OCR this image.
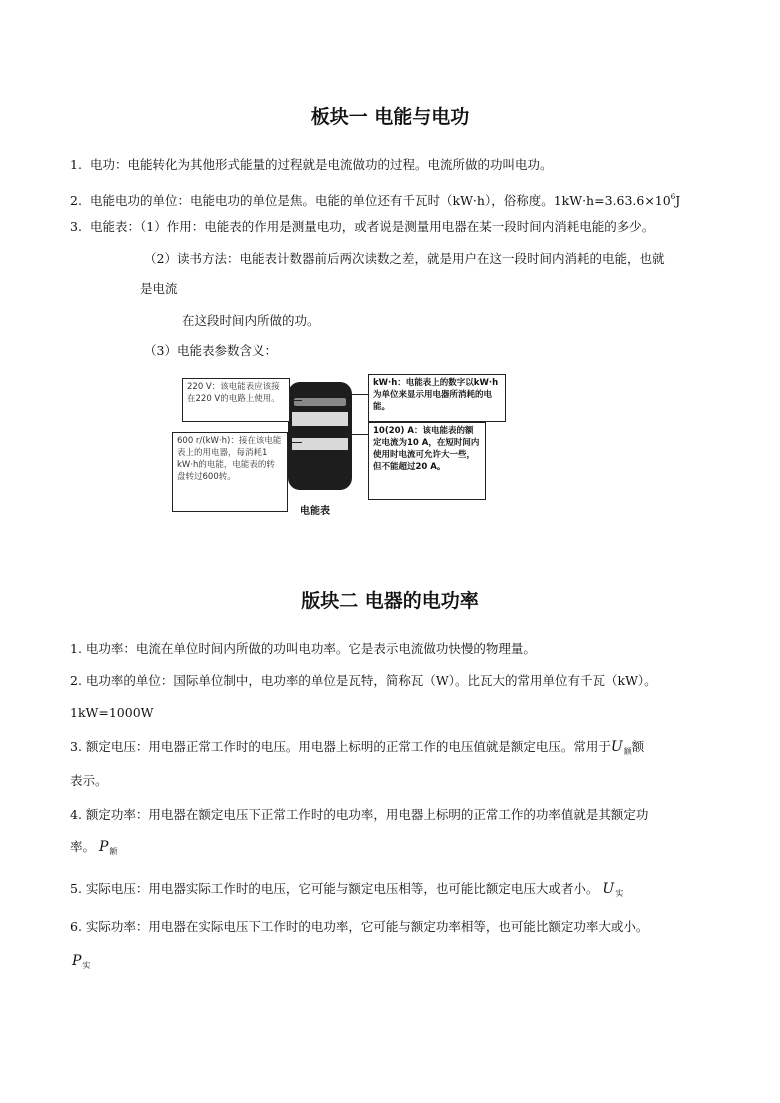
板块一 电能与电功
1. 电功：电能转化为其他形式能量的过程就是电流做功的过程。电流所做的功叫电功。
2. 电能电功的单位：电能电功的单位是焦。电能的单位还有千瓦时（kW·h），俗称度。$1kW\cdot h=3.63.6\times 10^6J$
3. 电能表：（1）作用：电能表的作用是测量电功，或者说是测量用电器在某一段时间内消耗电能的多少。
（2）读书方法：电能表计数器前后两次读数之差，就是用户在这一段时间内消耗的电能，也就
是电流
在这段时间内所做的功。
（3）电能表参数含义：
220 V：该电能表应该接在220 V的电路上使用。
kW·h：电能表上的数字以kW·h为单位来显示用电器所消耗的电能。
600 r/(kW·h)：接在该电能表上的用电器，每消耗1 kW·h的电能，电能表的转盘转过600转。
10(20) A：该电能表的额定电流为10 A，在短时间内使用时电流可允许大一些，但不能超过20 A。
电能表
版块二 电器的电功率
1. 电功率：电流在单位时间内所做的功叫电功率。它是表示电流做功快慢的物理量。
2. 电功率的单位：国际单位制中，电功率的单位是瓦特，简称瓦（W）。比瓦大的常用单位有千瓦（kW）。
1kW=1000W
3. 额定电压：用电器正常工作时的电压。用电器上标明的正常工作的电压值就是额定电压。常用于$U_额$额
表示。
4. 额定功率：用电器在额定电压下正常工作时的电功率，用电器上标明的正常工作的功率值就是其额定功
率。 $P_额$
5. 实际电压：用电器实际工作时的电压，它可能与额定电压相等，也可能比额定电压大或者小。 $U_实$
6. 实际功率：用电器在实际电压下工作时的电功率，它可能与额定功率相等，也可能比额定功率大或小。
$P_实$
